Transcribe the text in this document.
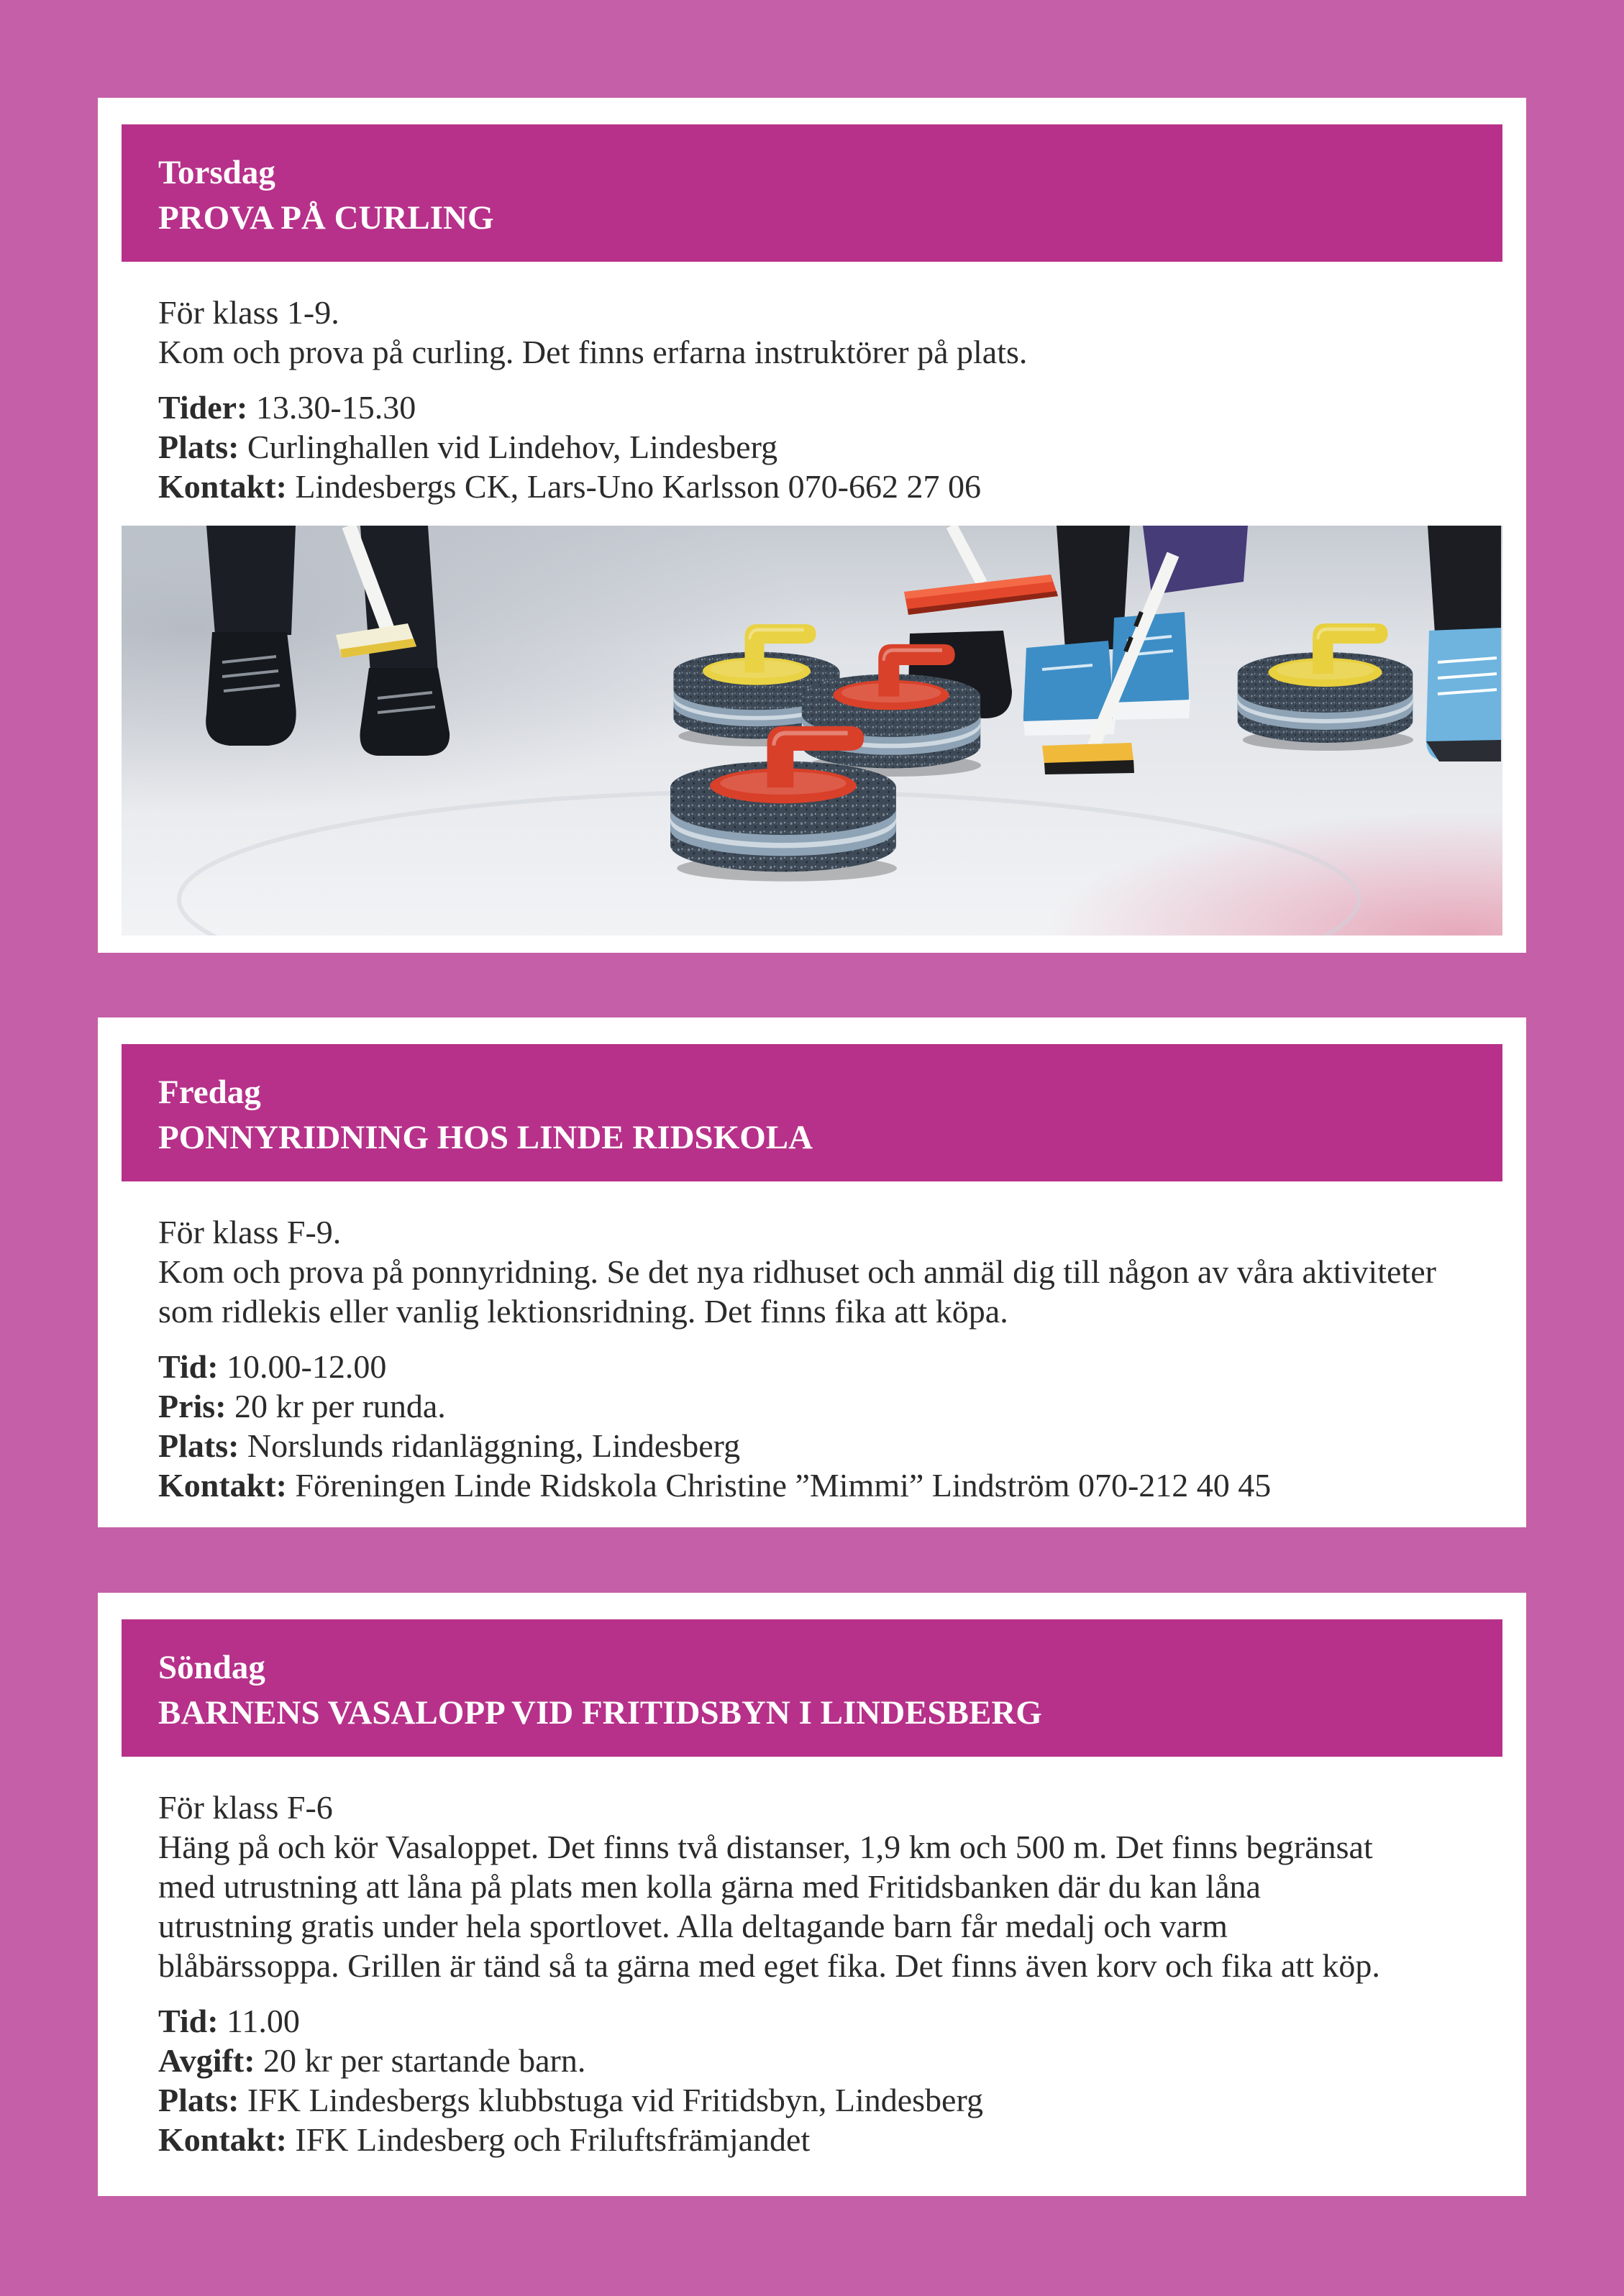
Torsdag
PROVA PÅ CURLING
För klass 1-9.
Kom och prova på curling. Det finns erfarna instruktörer på plats.
Tider: 13.30-15.30
Plats: Curlinghallen vid Lindehov, Lindesberg
Kontakt: Lindesbergs CK, Lars-Uno Karlsson 070-662 27 06
Fredag
PONNYRIDNING HOS LINDE RIDSKOLA
För klass F-9.
Kom och prova på ponnyridning. Se det nya ridhuset och anmäl dig till någon av våra aktiviteter
som ridlekis eller vanlig lektionsridning. Det finns fika att köpa.
Tid: 10.00-12.00
Pris: 20 kr per runda.
Plats: Norslunds ridanläggning, Lindesberg
Kontakt: Föreningen Linde Ridskola Christine ”Mimmi” Lindström 070-212 40 45
Söndag
BARNENS VASALOPP VID FRITIDSBYN I LINDESBERG
För klass F-6
Häng på och kör Vasaloppet. Det finns två distanser, 1,9 km och 500 m. Det finns begränsat
med utrustning att låna på plats men kolla gärna med Fritidsbanken där du kan låna
utrustning gratis under hela sportlovet. Alla deltagande barn får medalj och varm
blåbärssoppa. Grillen är tänd så ta gärna med eget fika. Det finns även korv och fika att köp.
Tid: 11.00
Avgift: 20 kr per startande barn.
Plats: IFK Lindesbergs klubbstuga vid Fritidsbyn, Lindesberg
Kontakt: IFK Lindesberg och Friluftsfrämjandet
